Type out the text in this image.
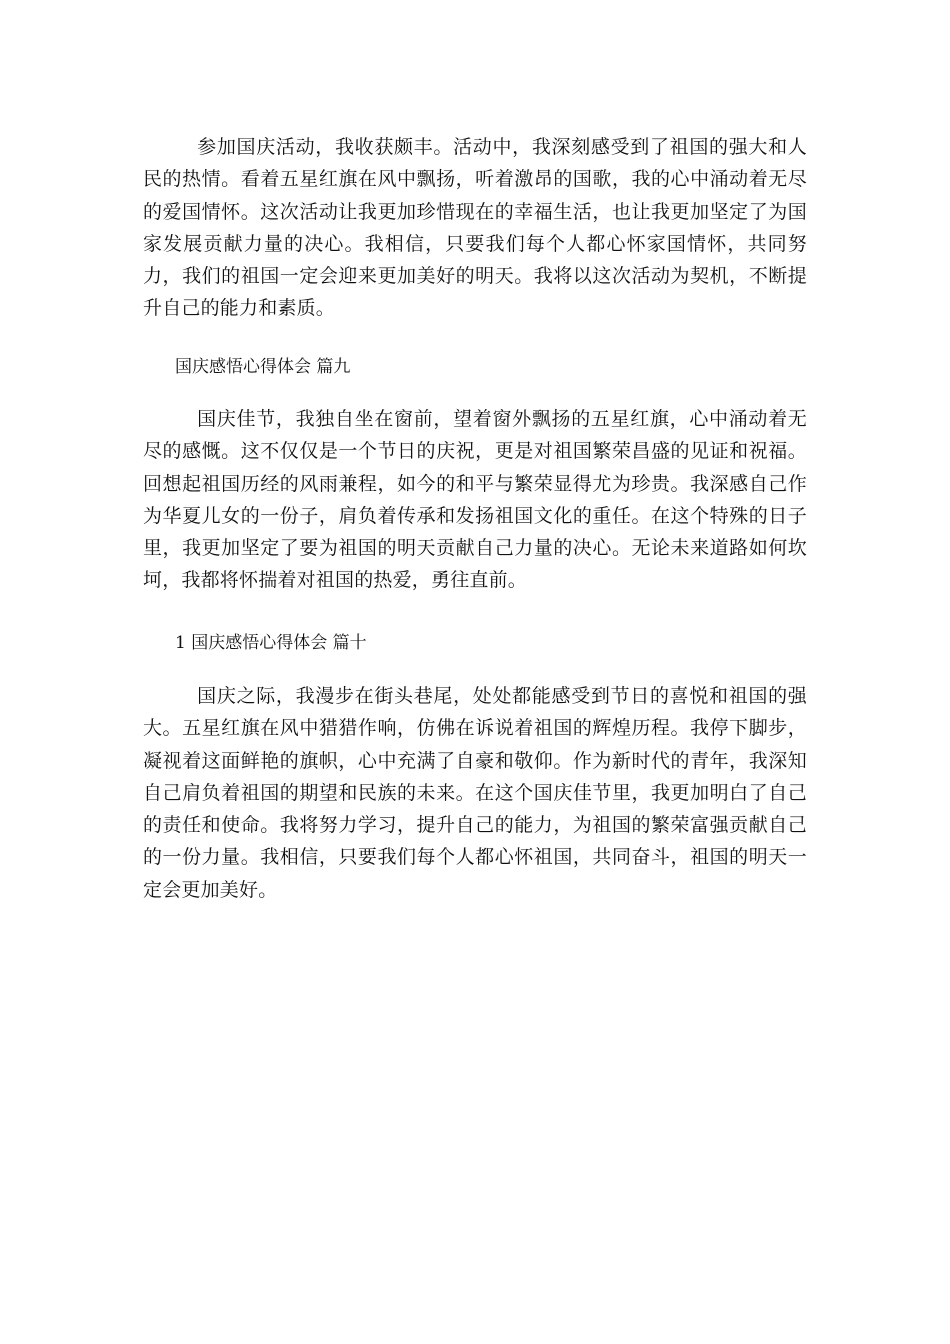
参加国庆活动，我收获颇丰。活动中，我深刻感受到了祖国的强大和人民的热情。看着五星红旗在风中飘扬，听着激昂的国歌，我的心中涌动着无尽的爱国情怀。这次活动让我更加珍惜现在的幸福生活，也让我更加坚定了为国家发展贡献力量的决心。我相信，只要我们每个人都心怀家国情怀，共同努力，我们的祖国一定会迎来更加美好的明天。我将以这次活动为契机，不断提升自己的能力和素质。

国庆感悟心得体会 篇九

国庆佳节，我独自坐在窗前，望着窗外飘扬的五星红旗，心中涌动着无尽的感慨。这不仅仅是一个节日的庆祝，更是对祖国繁荣昌盛的见证和祝福。回想起祖国历经的风雨兼程，如今的和平与繁荣显得尤为珍贵。我深感自己作为华夏儿女的一份子，肩负着传承和发扬祖国文化的重任。在这个特殊的日子里，我更加坚定了要为祖国的明天贡献自己力量的决心。无论未来道路如何坎坷，我都将怀揣着对祖国的热爱，勇往直前。

1 国庆感悟心得体会 篇十

国庆之际，我漫步在街头巷尾，处处都能感受到节日的喜悦和祖国的强大。五星红旗在风中猎猎作响，仿佛在诉说着祖国的辉煌历程。我停下脚步，凝视着这面鲜艳的旗帜，心中充满了自豪和敬仰。作为新时代的青年，我深知自己肩负着祖国的期望和民族的未来。在这个国庆佳节里，我更加明白了自己的责任和使命。我将努力学习，提升自己的能力，为祖国的繁荣富强贡献自己的一份力量。我相信，只要我们每个人都心怀祖国，共同奋斗，祖国的明天一定会更加美好。
